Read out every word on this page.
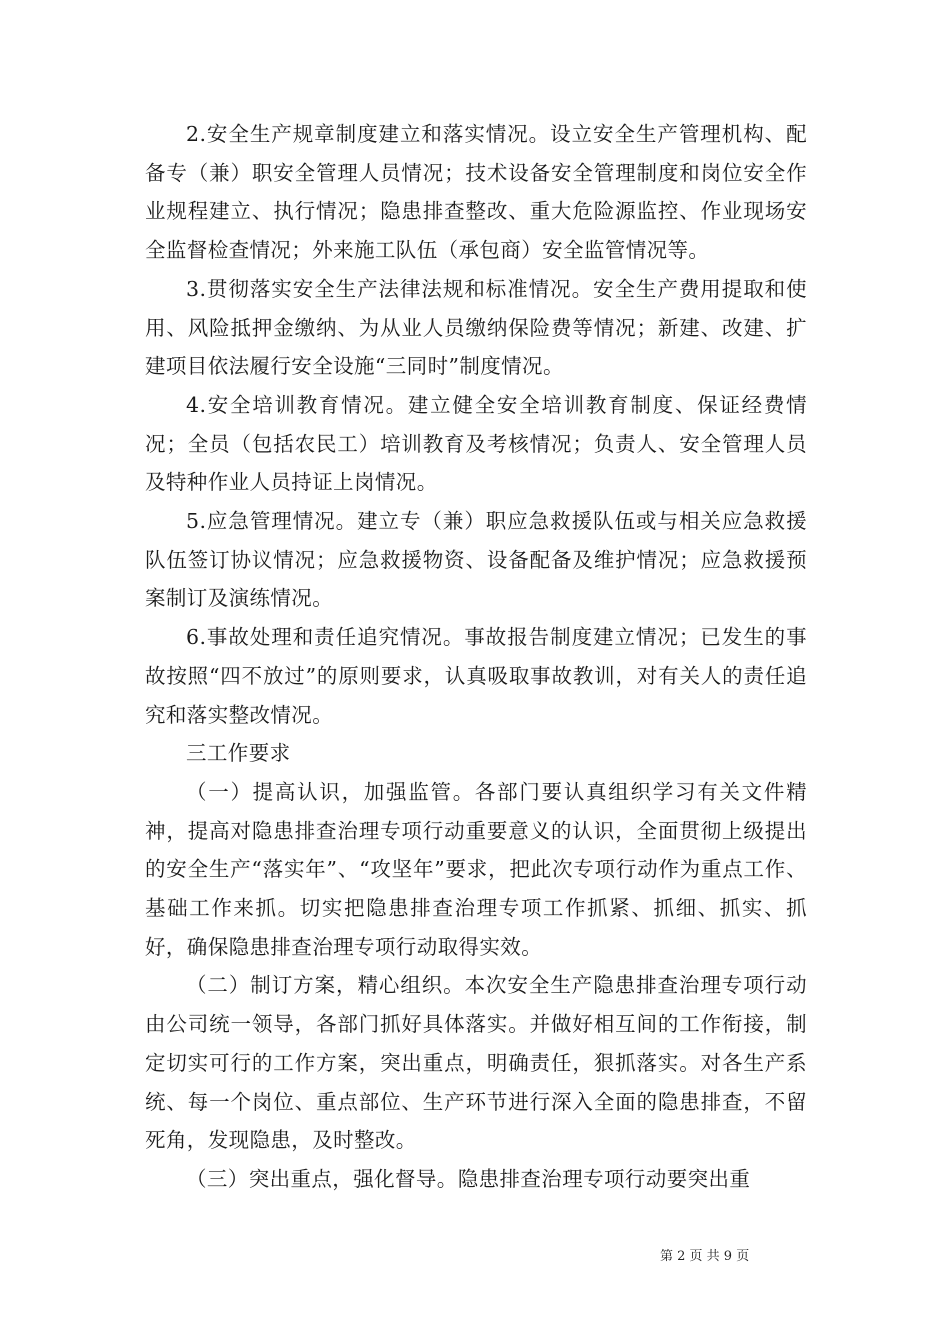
2.安全生产规章制度建立和落实情况。设立安全生产管理机构、配备专（兼）职安全管理人员情况；技术设备安全管理制度和岗位安全作业规程建立、执行情况；隐患排查整改、重大危险源监控、作业现场安全监督检查情况；外来施工队伍（承包商）安全监管情况等。

3.贯彻落实安全生产法律法规和标准情况。安全生产费用提取和使用、风险抵押金缴纳、为从业人员缴纳保险费等情况；新建、改建、扩建项目依法履行安全设施“三同时”制度情况。

4.安全培训教育情况。建立健全安全培训教育制度、保证经费情况；全员（包括农民工）培训教育及考核情况；负责人、安全管理人员及特种作业人员持证上岗情况。

5.应急管理情况。建立专（兼）职应急救援队伍或与相关应急救援队伍签订协议情况；应急救援物资、设备配备及维护情况；应急救援预案制订及演练情况。

6.事故处理和责任追究情况。事故报告制度建立情况；已发生的事故按照“四不放过”的原则要求，认真吸取事故教训，对有关人的责任追究和落实整改情况。

三工作要求

（一）提高认识，加强监管。各部门要认真组织学习有关文件精神，提高对隐患排查治理专项行动重要意义的认识，全面贯彻上级提出的安全生产“落实年”、“攻坚年”要求，把此次专项行动作为重点工作、基础工作来抓。切实把隐患排查治理专项工作抓紧、抓细、抓实、抓好，确保隐患排查治理专项行动取得实效。

（二）制订方案，精心组织。本次安全生产隐患排查治理专项行动由公司统一领导，各部门抓好具体落实。并做好相互间的工作衔接，制定切实可行的工作方案，突出重点，明确责任，狠抓落实。对各生产系统、每一个岗位、重点部位、生产环节进行深入全面的隐患排查，不留死角，发现隐患，及时整改。

（三）突出重点，强化督导。隐患排查治理专项行动要突出重

第 2 页 共 9 页
